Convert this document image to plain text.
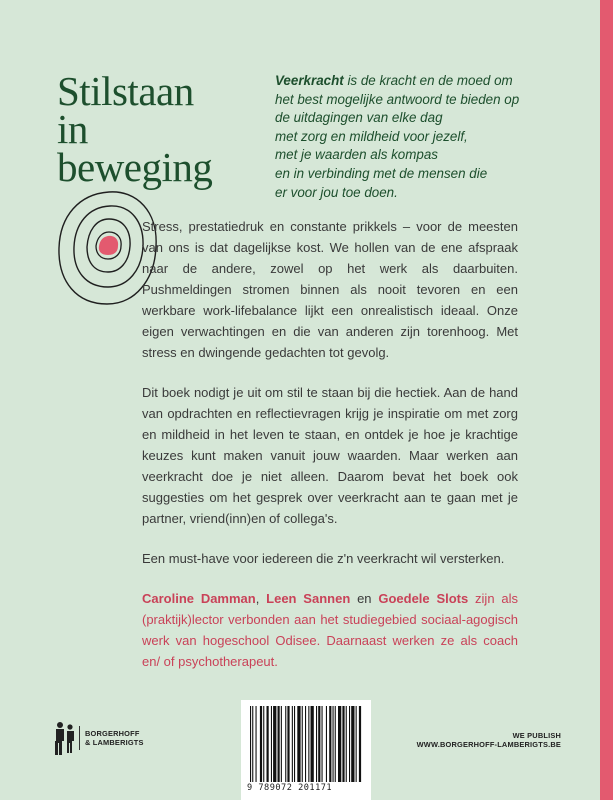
Stilstaan
in
beweging

Veerkracht is de kracht en de moed om
het best mogelijke antwoord te bieden op
de uitdagingen van elke dag
met zorg en mildheid voor jezelf,
met je waarden als kompas
en in verbinding met de mensen die
er voor jou toe doen.

Stress, prestatiedruk en constante prikkels – voor de meesten van ons is dat dagelijkse kost. We hollen van de ene afspraak naar de andere, zowel op het werk als daarbuiten. Pushmeldingen stromen binnen als nooit tevoren en een werkbare work-lifebalance lijkt een onrealistisch ideaal. Onze eigen verwachtingen en die van anderen zijn torenhoog. Met stress en dwingende gedachten tot gevolg.

Dit boek nodigt je uit om stil te staan bij die hectiek. Aan de hand van opdrachten en reflectievragen krijg je inspiratie om met zorg en mildheid in het leven te staan, en ontdek je hoe je krachtige keuzes kunt maken vanuit jouw waarden. Maar werken aan veerkracht doe je niet alleen. Daarom bevat het boek ook suggesties om het gesprek over veerkracht aan te gaan met je partner, vriend(inn)en of collega's.

Een must-have voor iedereen die z'n veerkracht wil versterken.

Caroline Damman, Leen Sannen en Goedele Slots zijn als (praktijk)lector verbonden aan het studiegebied sociaal-agogisch werk van hogeschool Odisee. Daarnaast werken ze als coach en/ of psychotherapeut.

BORGERHOFF
& LAMBERIGTS
9 789072 201171
WE PUBLISH
WWW.BORGERHOFF-LAMBERIGTS.BE
